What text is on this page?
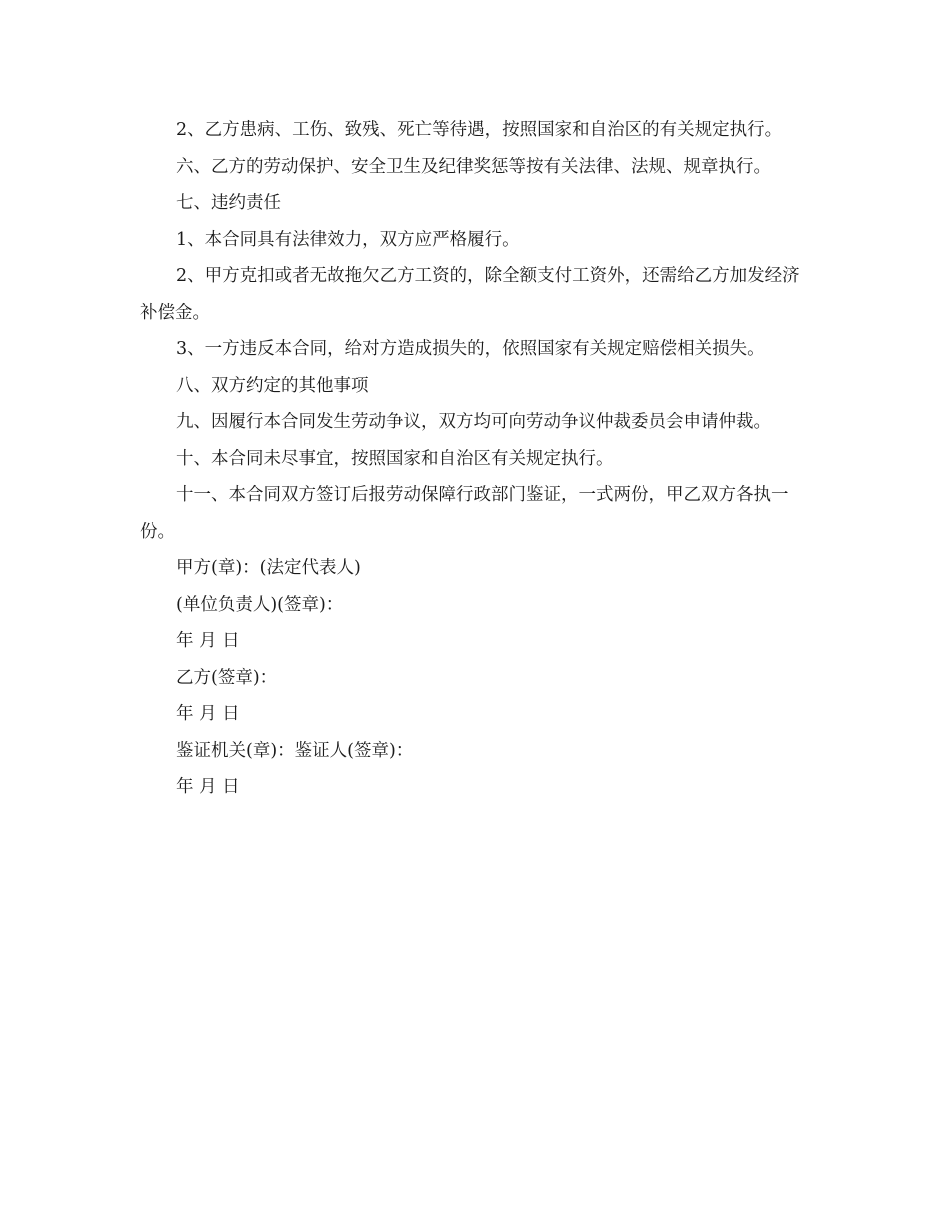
2、乙方患病、工伤、致残、死亡等待遇，按照国家和自治区的有关规定执行。

六、乙方的劳动保护、安全卫生及纪律奖惩等按有关法律、法规、规章执行。

七、违约责任

1、本合同具有法律效力，双方应严格履行。

2、甲方克扣或者无故拖欠乙方工资的，除全额支付工资外，还需给乙方加发经济补偿金。

3、一方违反本合同，给对方造成损失的，依照国家有关规定赔偿相关损失。

八、双方约定的其他事项

九、因履行本合同发生劳动争议，双方均可向劳动争议仲裁委员会申请仲裁。

十、本合同未尽事宜，按照国家和自治区有关规定执行。

十一、本合同双方签订后报劳动保障行政部门鉴证，一式两份，甲乙双方各执一份。

甲方(章)：(法定代表人)

(单位负责人)(签章)：

年 月 日

乙方(签章)：

年 月 日

鉴证机关(章)：鉴证人(签章)：

年 月 日
